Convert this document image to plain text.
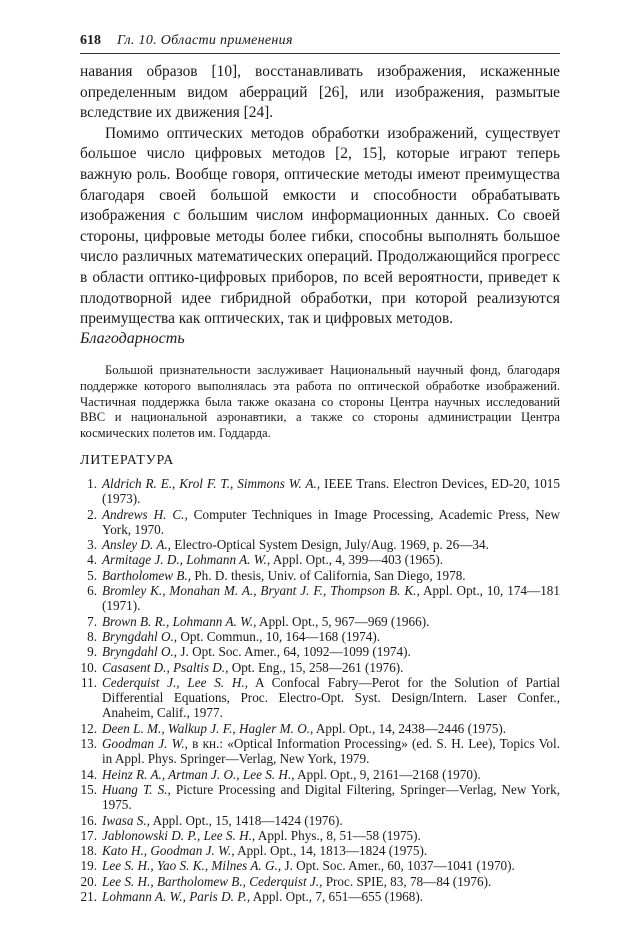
618 Гл. 10. Области применения

навания образов [10], восстанавливать изображения, искаженные определенным видом аберраций [26], или изображения, размытые вследствие их движения [24].

Помимо оптических методов обработки изображений, существует большое число цифровых методов [2, 15], которые играют теперь важную роль. Вообще говоря, оптические методы имеют преимущества благодаря своей большой емкости и способности обрабатывать изображения с большим числом информационных данных. Со своей стороны, цифровые методы более гибки, способны выполнять большое число различных математических операций. Продолжающийся прогресс в области оптико-цифровых приборов, по всей вероятности, приведет к плодотворной идее гибридной обработки, при которой реализуются преимущества как оптических, так и цифровых методов.

Благодарность

Большой признательности заслуживает Национальный научный фонд, благодаря поддержке которого выполнялась эта работа по оптической обработке изображений. Частичная поддержка была также оказана со стороны Центра научных исследований ВВС и национальной аэронавтики, а также со стороны администрации Центра космических полетов им. Годдарда.

ЛИТЕРАТУРА
1. Aldrich R. E., Krol F. T., Simmons W. A., IEEE Trans. Electron Devices, ED-20, 1015 (1973).
2. Andrews H. C., Computer Techniques in Image Processing, Academic Press, New York, 1970.
3. Ansley D. A., Electro-Optical System Design, July/Aug. 1969, p. 26—34.
4. Armitage J. D., Lohmann A. W., Appl. Opt., 4, 399—403 (1965).
5. Bartholomew B., Ph. D. thesis, Univ. of California, San Diego, 1978.
6. Bromley K., Monahan M. A., Bryant J. F., Thompson B. K., Appl. Opt., 10, 174—181 (1971).
7. Brown B. R., Lohmann A. W., Appl. Opt., 5, 967—969 (1966).
8. Bryngdahl O., Opt. Commun., 10, 164—168 (1974).
9. Bryngdahl O., J. Opt. Soc. Amer., 64, 1092—1099 (1974).
10. Casasent D., Psaltis D., Opt. Eng., 15, 258—261 (1976).
11. Cederquist J., Lee S. H., A Confocal Fabry—Perot for the Solution of Partial Differential Equations, Proc. Electro-Opt. Syst. Design/Intern. Laser Confer., Anaheim, Calif., 1977.
12. Deen L. M., Walkup J. F., Hagler M. O., Appl. Opt., 14, 2438—2446 (1975).
13. Goodman J. W., в кн.: «Optical Information Processing» (ed. S. H. Lee), Topics Vol. in Appl. Phys. Springer—Verlag, New York, 1979.
14. Heinz R. A., Artman J. O., Lee S. H., Appl. Opt., 9, 2161—2168 (1970).
15. Huang T. S., Picture Processing and Digital Filtering, Springer—Verlag, New York, 1975.
16. Iwasa S., Appl. Opt., 15, 1418—1424 (1976).
17. Jablonowski D. P., Lee S. H., Appl. Phys., 8, 51—58 (1975).
18. Kato H., Goodman J. W., Appl. Opt., 14, 1813—1824 (1975).
19. Lee S. H., Yao S. K., Milnes A. G., J. Opt. Soc. Amer., 60, 1037—1041 (1970).
20. Lee S. H., Bartholomew B., Cederquist J., Proc. SPIE, 83, 78—84 (1976).
21. Lohmann A. W., Paris D. P., Appl. Opt., 7, 651—655 (1968).
